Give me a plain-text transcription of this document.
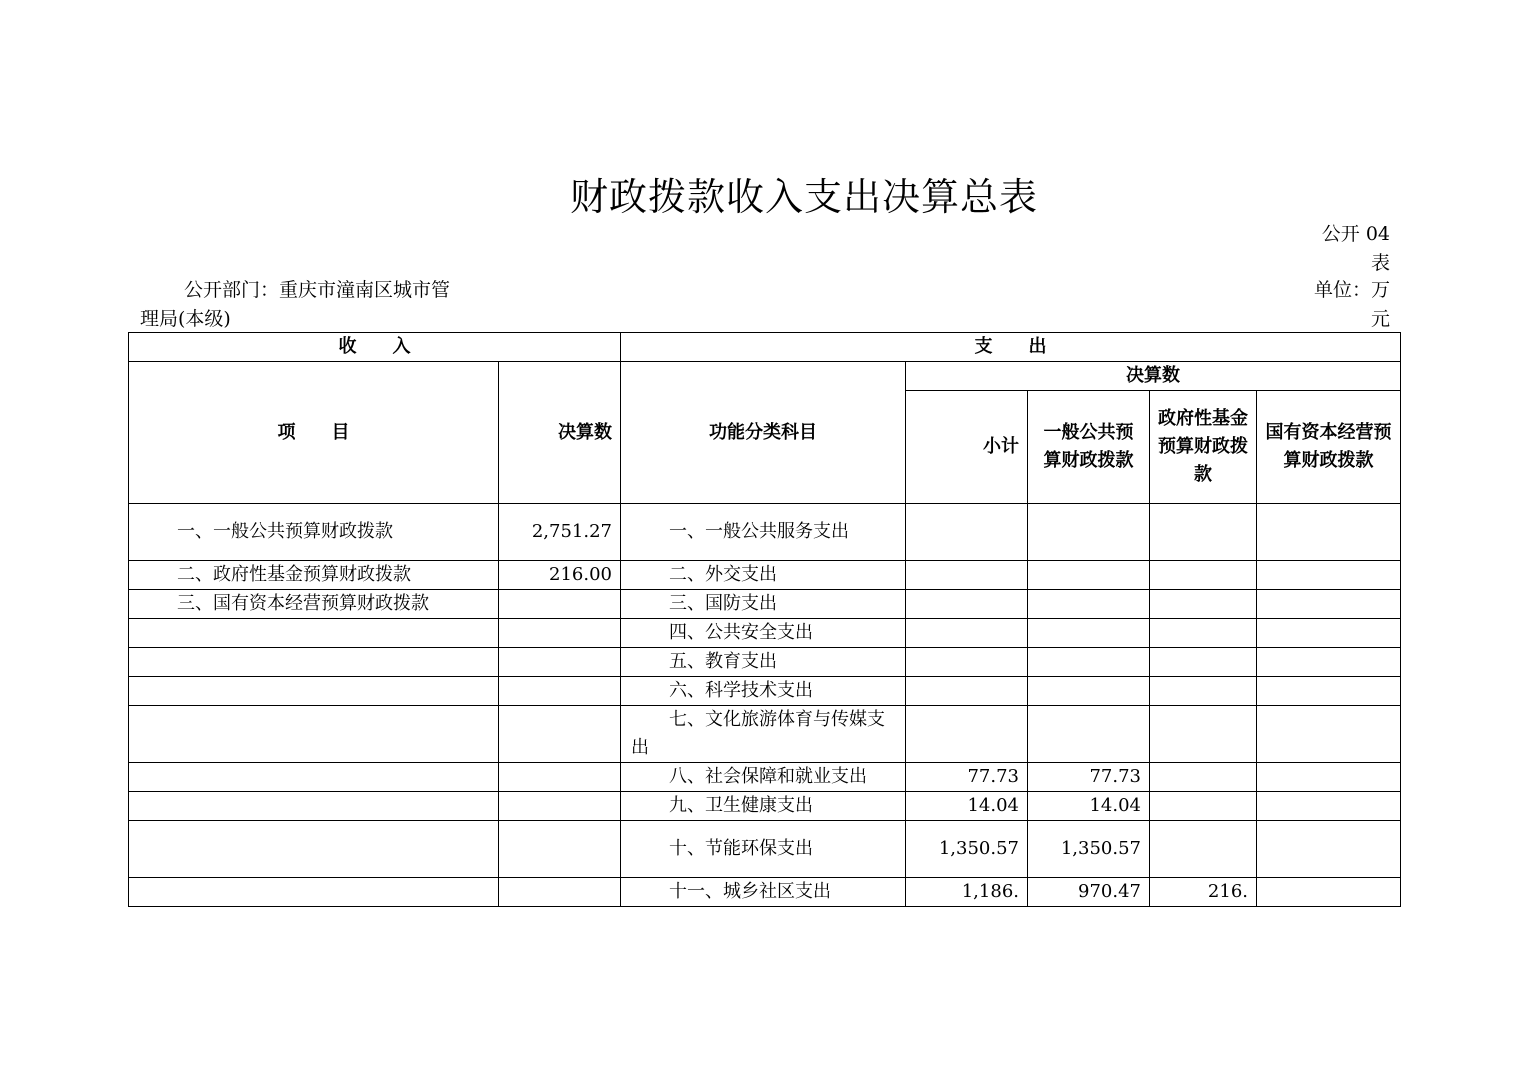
财政拨款收入支出决算总表
公开 04
表
公开部门：重庆市潼南区城市管
理局(本级)
单位：万
元
收　　入		支　　出				
项　　目	决算数	功能分类科目	决算数			
			小计	一般公共预算财政拨款	政府性基金预算财政拨款	国有资本经营预算财政拨款
一、一般公共预算财政拨款	2,751.27	一、一般公共服务支出				
二、政府性基金预算财政拨款	216.00	二、外交支出				
三、国有资本经营预算财政拨款		三、国防支出				
		四、公共安全支出				
		五、教育支出				
		六、科学技术支出				
		七、文化旅游体育与传媒支出				
		八、社会保障和就业支出	77.73	77.73		
		九、卫生健康支出	14.04	14.04		
		十、节能环保支出	1,350.57	1,350.57		
		十一、城乡社区支出	1,186.	970.47	216.	
